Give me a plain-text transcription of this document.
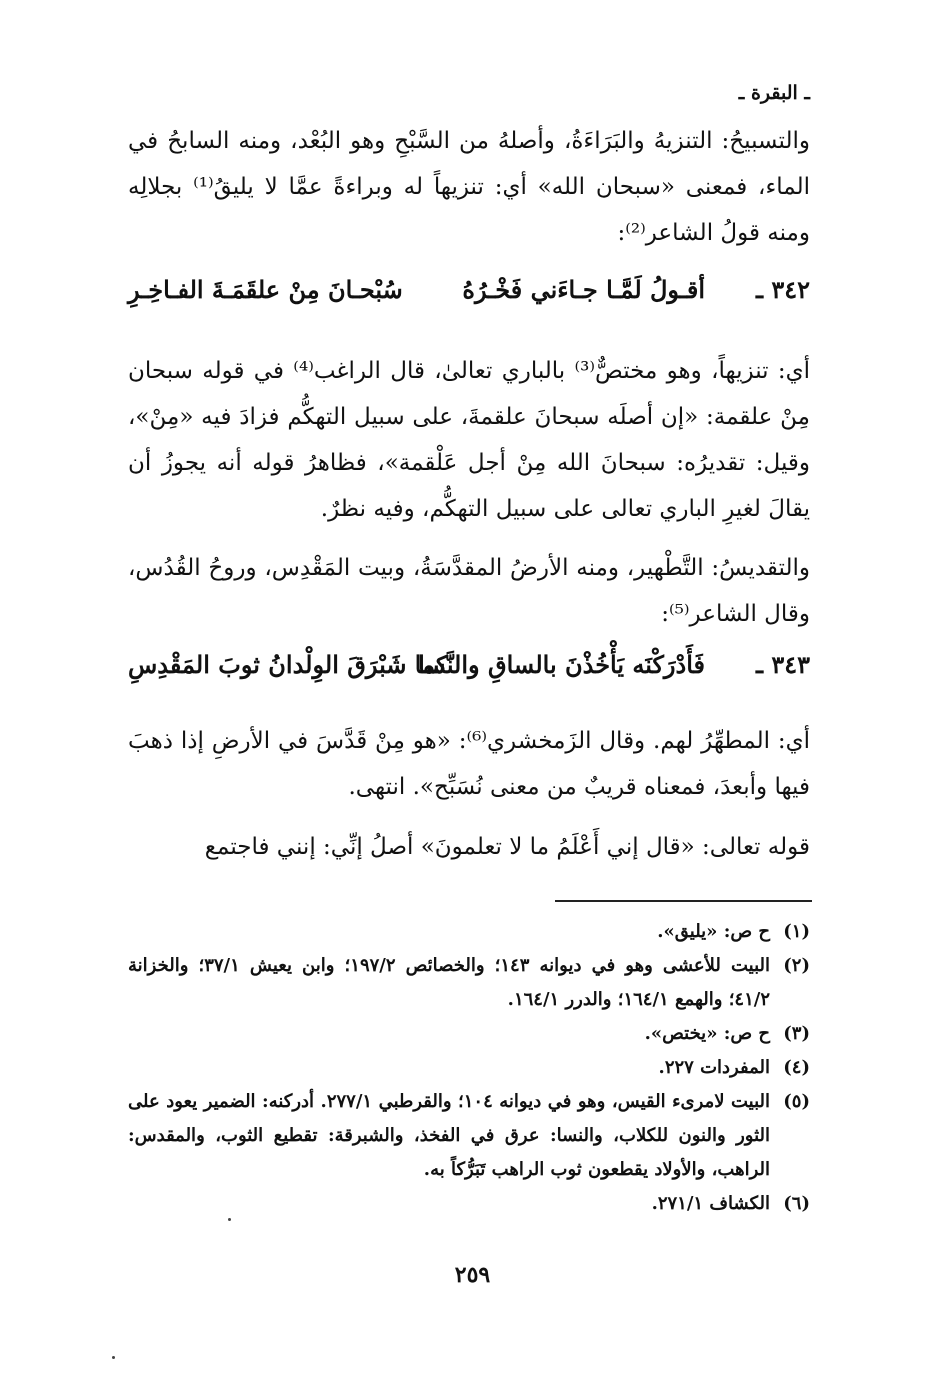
ـ البقرة ـ

والتسبيحُ: التنزيهُ والبَرَاءَةُ، وأصلهُ من السَّبْحِ وهو البُعْد، ومنه السابحُ في الماء، فمعنى «سبحان الله» أي: تنزيهاً له وبراءةً عمَّا لا يليقُ⁽¹⁾ بجلالِه ومنه قولُ الشاعر⁽²⁾:

٣٤٢ ـ
أقـولُ لَمَّـا جـاءَني فَخْـرُهُ
سُبْحـانَ مِنْ علقَمَـةَ الفـاخِـرِ

أي: تنزيهاً، وهو مختصٌّ⁽³⁾ بالباري تعالىٰ، قال الراغب⁽⁴⁾ في قوله سبحان مِنْ علقمة: «إن أصلَه سبحانَ علقمةَ، على سبيل التهكُّم فزادَ فيه «مِنْ»، وقيل: تقديرُه: سبحانَ الله مِنْ أجل عَلْقمة»، فظاهرُ قوله أنه يجوزُ أن يقالَ لغيرِ الباري تعالى على سبيل التهكُّم، وفيه نظرٌ.

والتقديسُ: التَّطْهير، ومنه الأرضُ المقدَّسَةُ، وبيت المَقْدِس، وروحُ القُدُس، وقال الشاعر⁽⁵⁾:

٣٤٣ ـ
فَأَدْرَكْنَه يَأْخُذْنَ بالساقِ والنَّسا
كما شَبْرَقَ الوِلْدانُ ثوبَ المَقْدِسِ

أي: المطهِّرُ لهم. وقال الزَمخشري⁽⁶⁾: «هو مِنْ قَدَّسَ في الأرضِ إذا ذهبَ فيها وأبعدَ، فمعناه قريبٌ من معنى نُسَبِّح». انتهى.

قوله تعالى: «قال إني أَعْلَمُ ما لا تعلمونَ» أصلُ إنِّي: إنني فاجتمع

(١)
ح ص: «يليق».
(٢)
البيت للأعشى وهو في ديوانه ١٤٣؛ والخصائص ١٩٧/٢؛ وابن يعيش ٣٧/١؛ والخزانة ٤١/٢؛ والهمع ١٦٤/١؛ والدرر ١٦٤/١.
(٣)
ح ص: «يختص».
(٤)
المفردات ٢٢٧.
(٥)
البيت لامرىء القيس، وهو في ديوانه ١٠٤؛ والقرطبي ٢٧٧/١. أدركنه: الضمير يعود على الثور والنون للكلاب، والنسا: عرق في الفخذ، والشبرقة: تقطيع الثوب، والمقدس: الراهب، والأولاد يقطعون ثوب الراهب تَبَرُّكاً به.
(٦)
الكشاف ٢٧١/١.
٢٥٩
